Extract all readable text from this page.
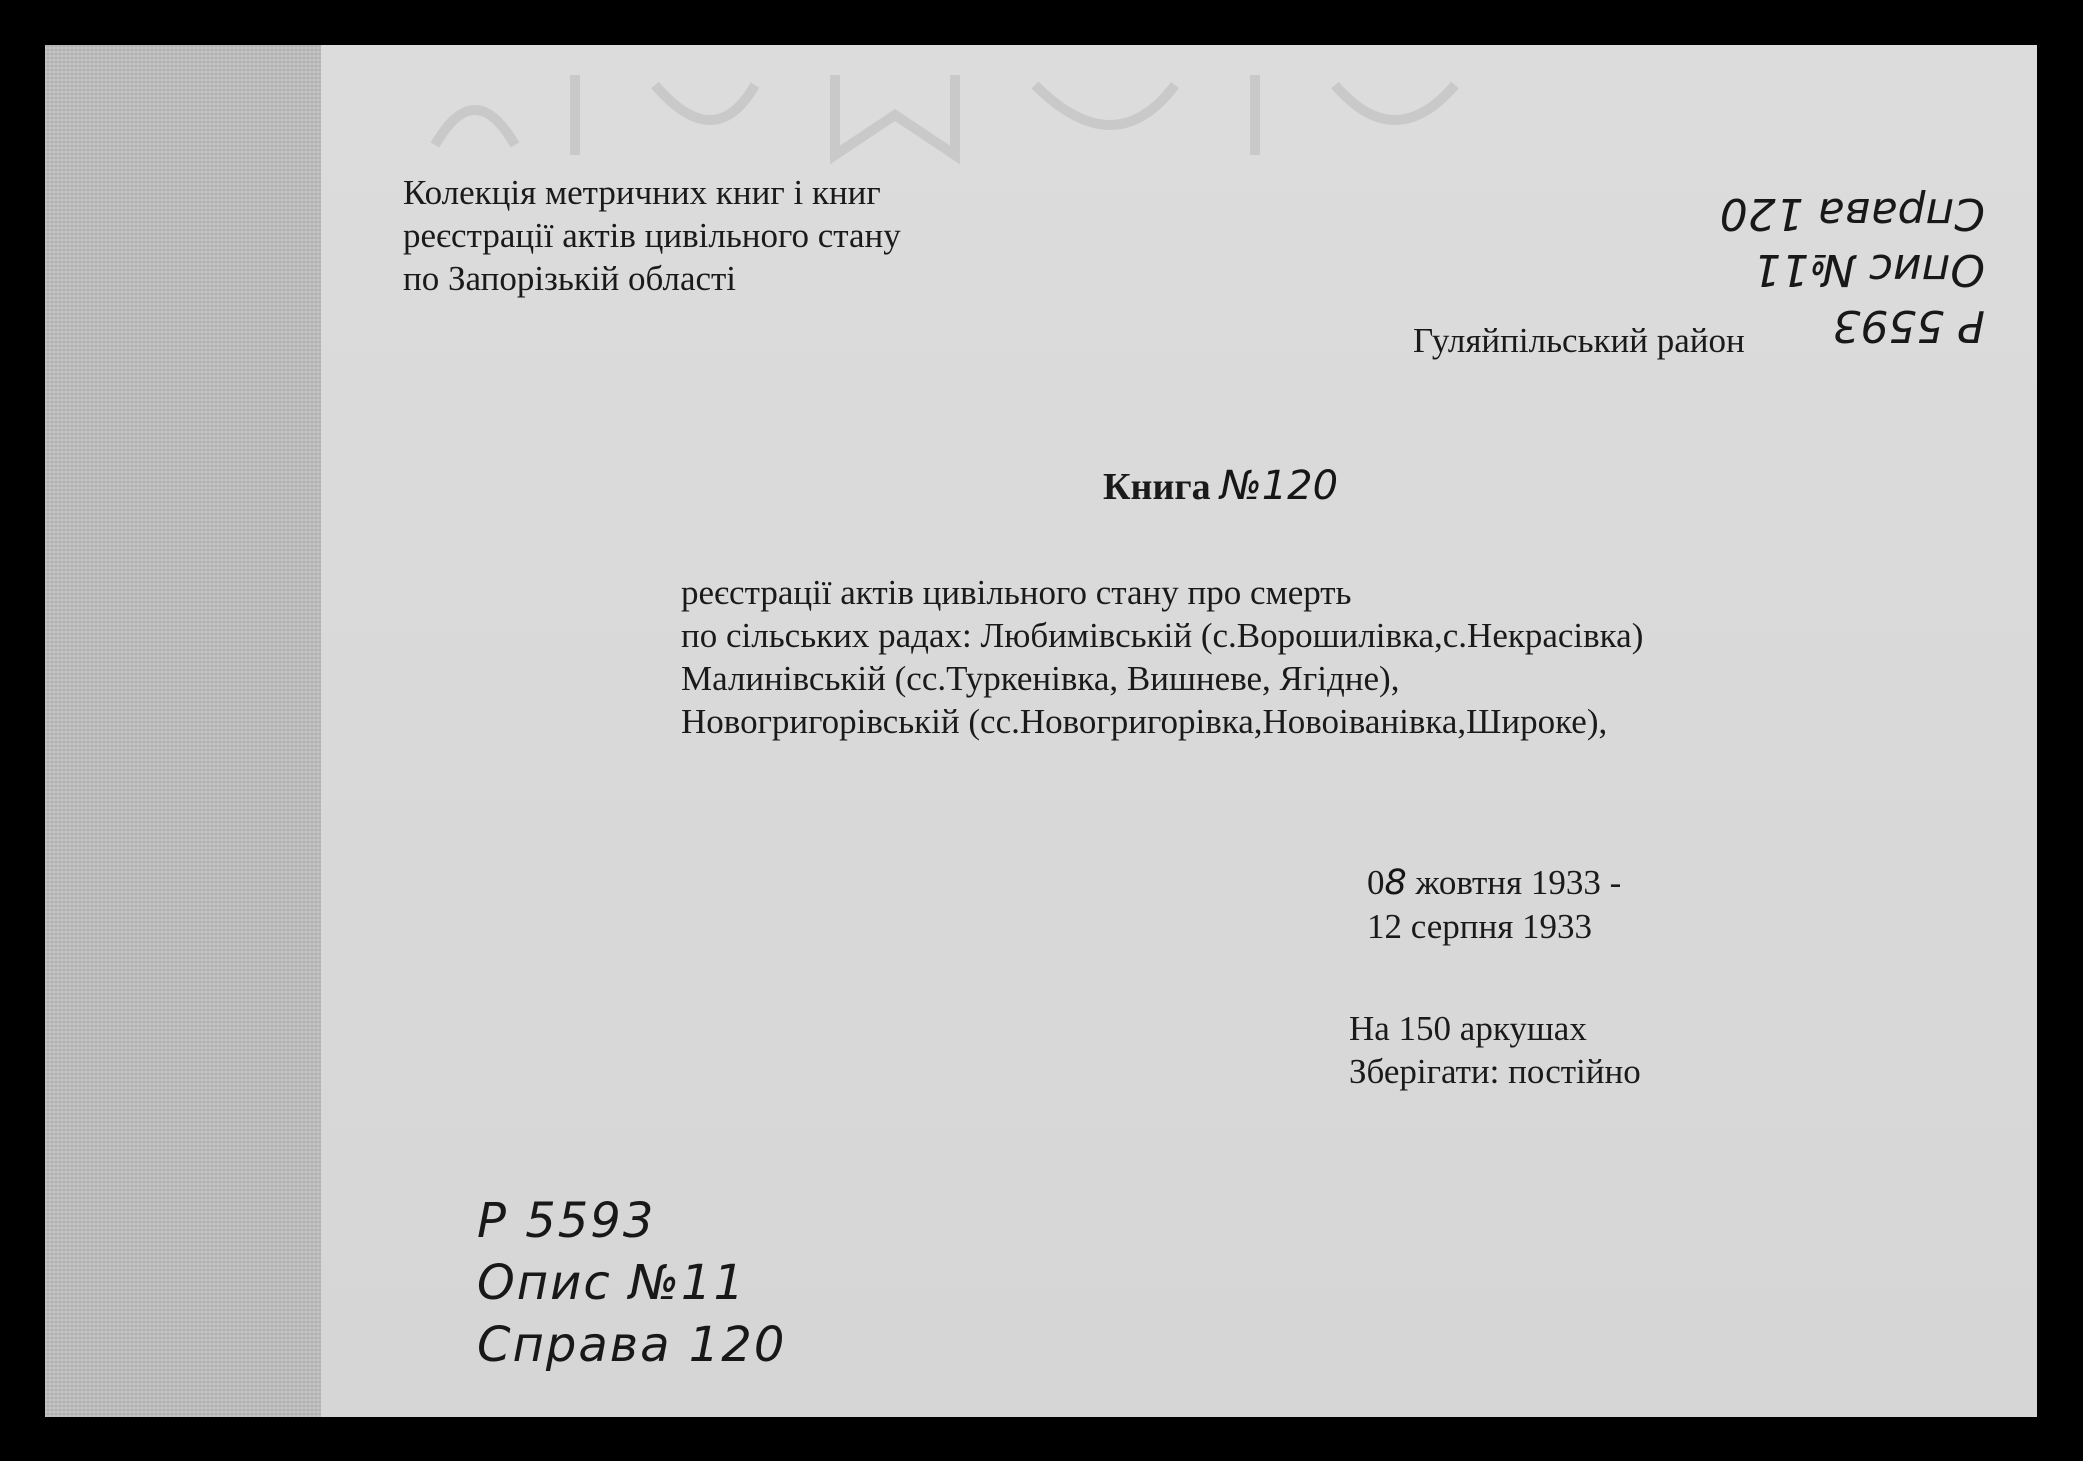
Колекція метричних книг і книг

реєстрації актів цивільного стану

по Запорізькій області

Гуляйпільський район
Книга №120

реєстрації актів цивільного стану про смерть

по сільських радах: Любимівській (с.Ворошилівка,с.Некрасівка)

Малинівській (сс.Туркенівка, Вишневе, Ягідне),

Новогригорівській (сс.Новогригорівка,Новоіванівка,Широке),

08 жовтня 1933 -

12 серпня 1933

На 150 аркушах

Зберігати: постійно

Р 5593

Опис №11

Справа 120

Р 5593

Опис №11

Справа 120
